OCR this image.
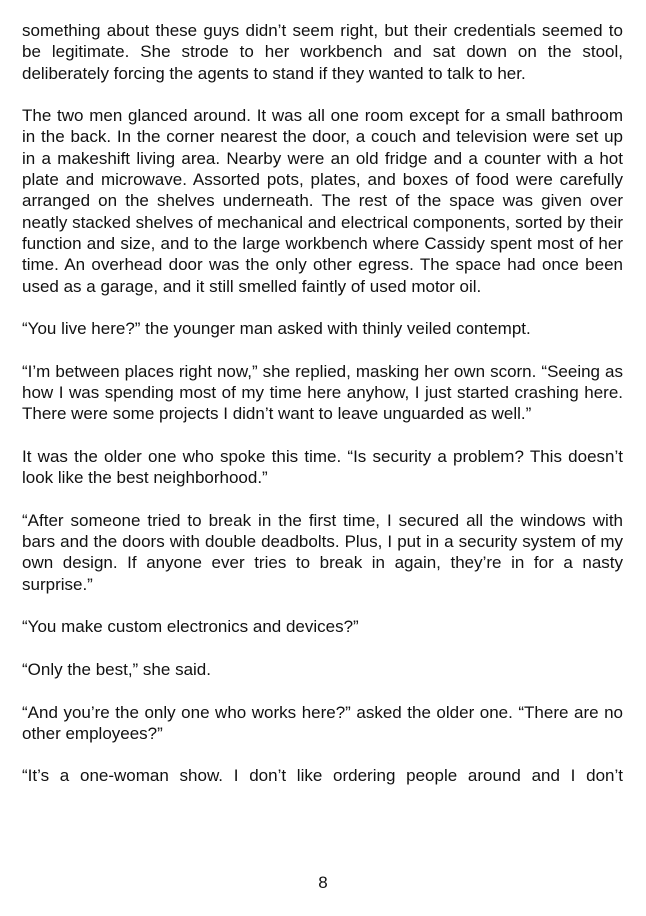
something about these guys didn’t seem right, but their credentials seemed to be legitimate. She strode to her workbench and sat down on the stool, deliberately forcing the agents to stand if they wanted to talk to her.

The two men glanced around. It was all one room except for a small bathroom in the back. In the corner nearest the door, a couch and television were set up in a makeshift living area. Nearby were an old fridge and a counter with a hot plate and microwave. Assorted pots, plates, and boxes of food were carefully arranged on the shelves underneath. The rest of the space was given over neatly stacked shelves of mechanical and electrical components, sorted by their function and size, and to the large workbench where Cassidy spent most of her time. An overhead door was the only other egress. The space had once been used as a garage, and it still smelled faintly of used motor oil.

“You live here?” the younger man asked with thinly veiled contempt.

“I’m between places right now,” she replied, masking her own scorn. “Seeing as how I was spending most of my time here anyhow, I just started crashing here. There were some projects I didn’t want to leave unguarded as well.”

It was the older one who spoke this time. “Is security a problem? This doesn’t look like the best neighborhood.”

“After someone tried to break in the first time, I secured all the windows with bars and the doors with double deadbolts. Plus, I put in a security system of my own design. If anyone ever tries to break in again, they’re in for a nasty surprise.”

“You make custom electronics and devices?”

“Only the best,” she said.

“And you’re the only one who works here?” asked the older one. “There are no other employees?”

“It’s a one-woman show. I don’t like ordering people around and I don’t

8
